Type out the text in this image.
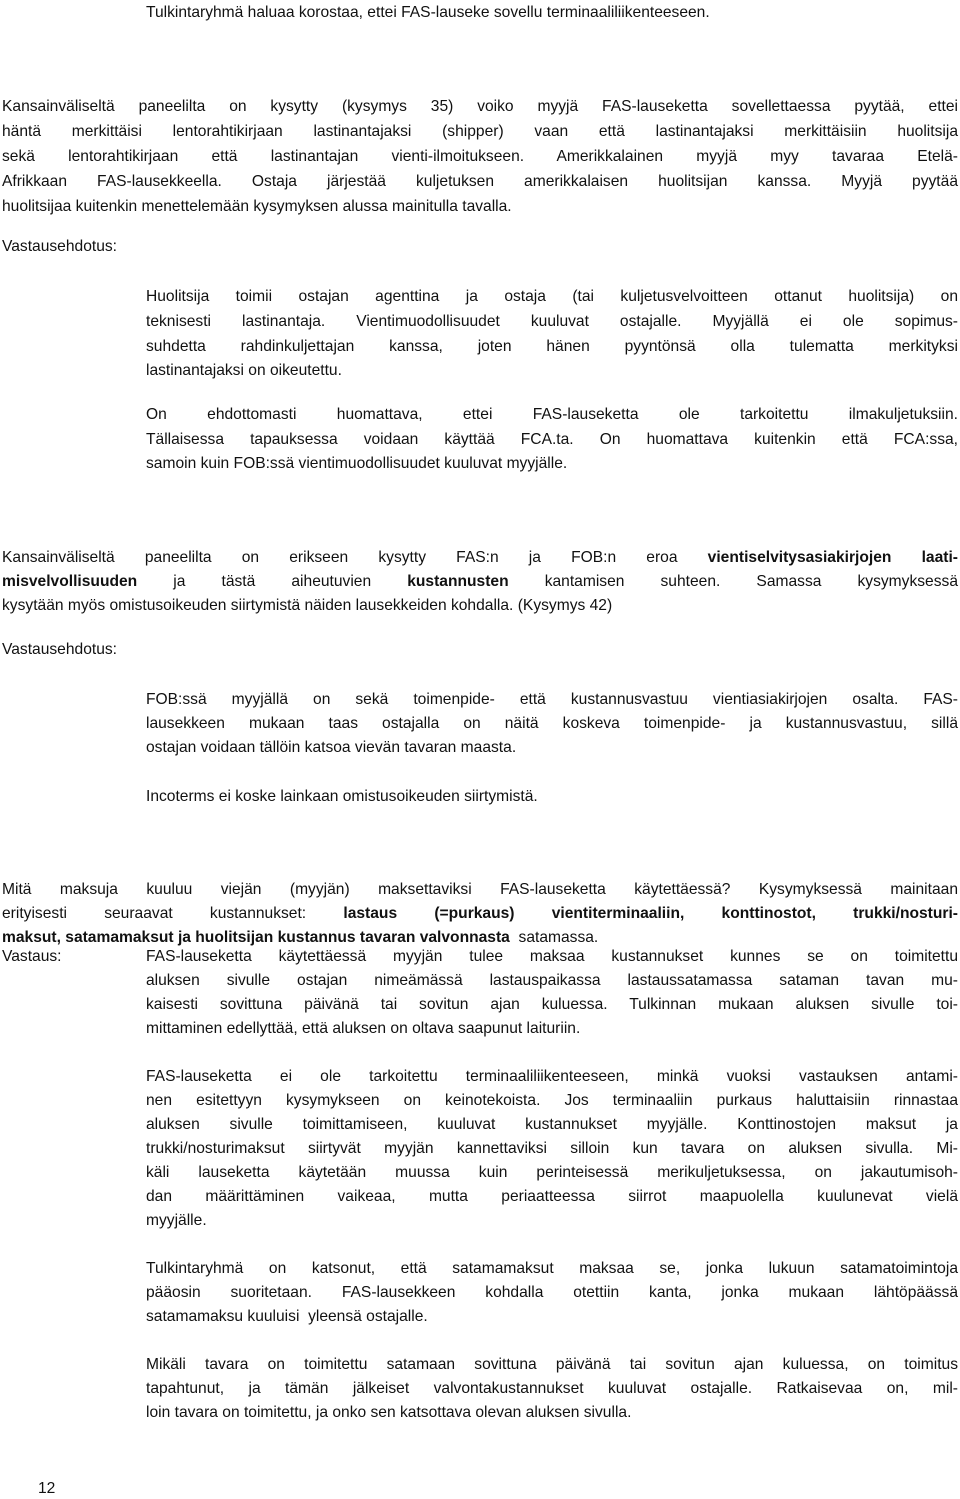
Tulkintaryhmä haluaa korostaa, ettei FAS-lauseke sovellu terminaaliliikenteeseen.
Kansainväliseltä paneelilta on kysytty (kysymys 35) voiko myyjä FAS-lauseketta sovellettaessa pyytää, ettei
häntä merkittäisi lentorahtikirjaan lastinantajaksi (shipper) vaan että lastinantajaksi merkittäisiin huolitsija
sekä lentorahtikirjaan että lastinantajan vienti-ilmoitukseen. Amerikkalainen myyjä myy tavaraa Etelä-
Afrikkaan FAS-lausekkeella. Ostaja järjestää kuljetuksen amerikkalaisen huolitsijan kanssa. Myyjä pyytää
huolitsijaa kuitenkin menettelemään kysymyksen alussa mainitulla tavalla.
Vastausehdotus:
Huolitsija toimii ostajan agenttina ja ostaja (tai kuljetusvelvoitteen ottanut huolitsija) on
teknisesti lastinantaja. Vientimuodollisuudet kuuluvat ostajalle. Myyjällä ei ole sopimus-
suhdetta rahdinkuljettajan kanssa, joten hänen pyyntönsä olla tulematta merkityksi
lastinantajaksi on oikeutettu.
On ehdottomasti huomattava, ettei FAS-lauseketta ole tarkoitettu ilmakuljetuksiin.
Tällaisessa tapauksessa voidaan käyttää FCA.ta. On huomattava kuitenkin että FCA:ssa,
samoin kuin FOB:ssä vientimuodollisuudet kuuluvat myyjälle.
Kansainväliseltä paneelilta on erikseen kysytty FAS:n ja FOB:n eroa vientiselvitysasiakirjojen laati-
misvelvollisuuden ja tästä aiheutuvien kustannusten kantamisen suhteen. Samassa kysymyksessä
kysytään myös omistusoikeuden siirtymistä näiden lausekkeiden kohdalla. (Kysymys 42)
Vastausehdotus:
FOB:ssä myyjällä on sekä toimenpide- että kustannusvastuu vientiasiakirjojen osalta. FAS-
lausekkeen mukaan taas ostajalla on näitä koskeva toimenpide- ja kustannusvastuu, sillä
ostajan voidaan tällöin katsoa vievän tavaran maasta.
Incoterms ei koske lainkaan omistusoikeuden siirtymistä.
Mitä maksuja kuuluu viejän (myyjän) maksettaviksi FAS-lauseketta käytettäessä? Kysymyksessä mainitaan
erityisesti seuraavat kustannukset: lastaus (=purkaus) vientiterminaaliin, konttinostot, trukki/nosturi-
maksut, satamamaksut ja huolitsijan kustannus tavaran valvonnasta  satamassa.
Vastaus:	FAS-lauseketta käytettäessä myyjän tulee maksaa kustannukset kunnes se on toimitettu
aluksen sivulle ostajan nimeämässä lastauspaikassa lastaussatamassa sataman tavan mu-
kaisesti sovittuna päivänä tai sovitun ajan kuluessa. Tulkinnan mukaan aluksen sivulle toi-
mittaminen edellyttää, että aluksen on oltava saapunut laituriin.
FAS-lauseketta ei ole tarkoitettu terminaaliliikenteeseen, minkä vuoksi vastauksen antami-
nen esitettyyn kysymykseen on keinotekoista. Jos terminaaliin purkaus haluttaisiin rinnastaa
aluksen sivulle toimittamiseen, kuuluvat kustannukset myyjälle. Konttinostojen maksut ja
trukki/nosturimaksut siirtyvät myyjän kannettaviksi silloin kun tavara on aluksen sivulla. Mi-
käli lauseketta käytetään muussa kuin perinteisessä merikuljetuksessa, on jakautumisoh-
dan määrittäminen vaikeaa, mutta periaatteessa siirrot maapuolella kuulunevat vielä
myyjälle.
Tulkintaryhmä on katsonut, että satamamaksut maksaa se, jonka lukuun satamatoimintoja
pääosin suoritetaan. FAS-lausekkeen kohdalla otettiin kanta, jonka mukaan lähtöpäässä
satamamaksu kuuluisi  yleensä ostajalle.
Mikäli tavara on toimitettu satamaan sovittuna päivänä tai sovitun ajan kuluessa, on toimitus
tapahtunut, ja tämän jälkeiset valvontakustannukset kuuluvat ostajalle. Ratkaisevaa on, mil-
loin tavara on toimitettu, ja onko sen katsottava olevan aluksen sivulla.
12
